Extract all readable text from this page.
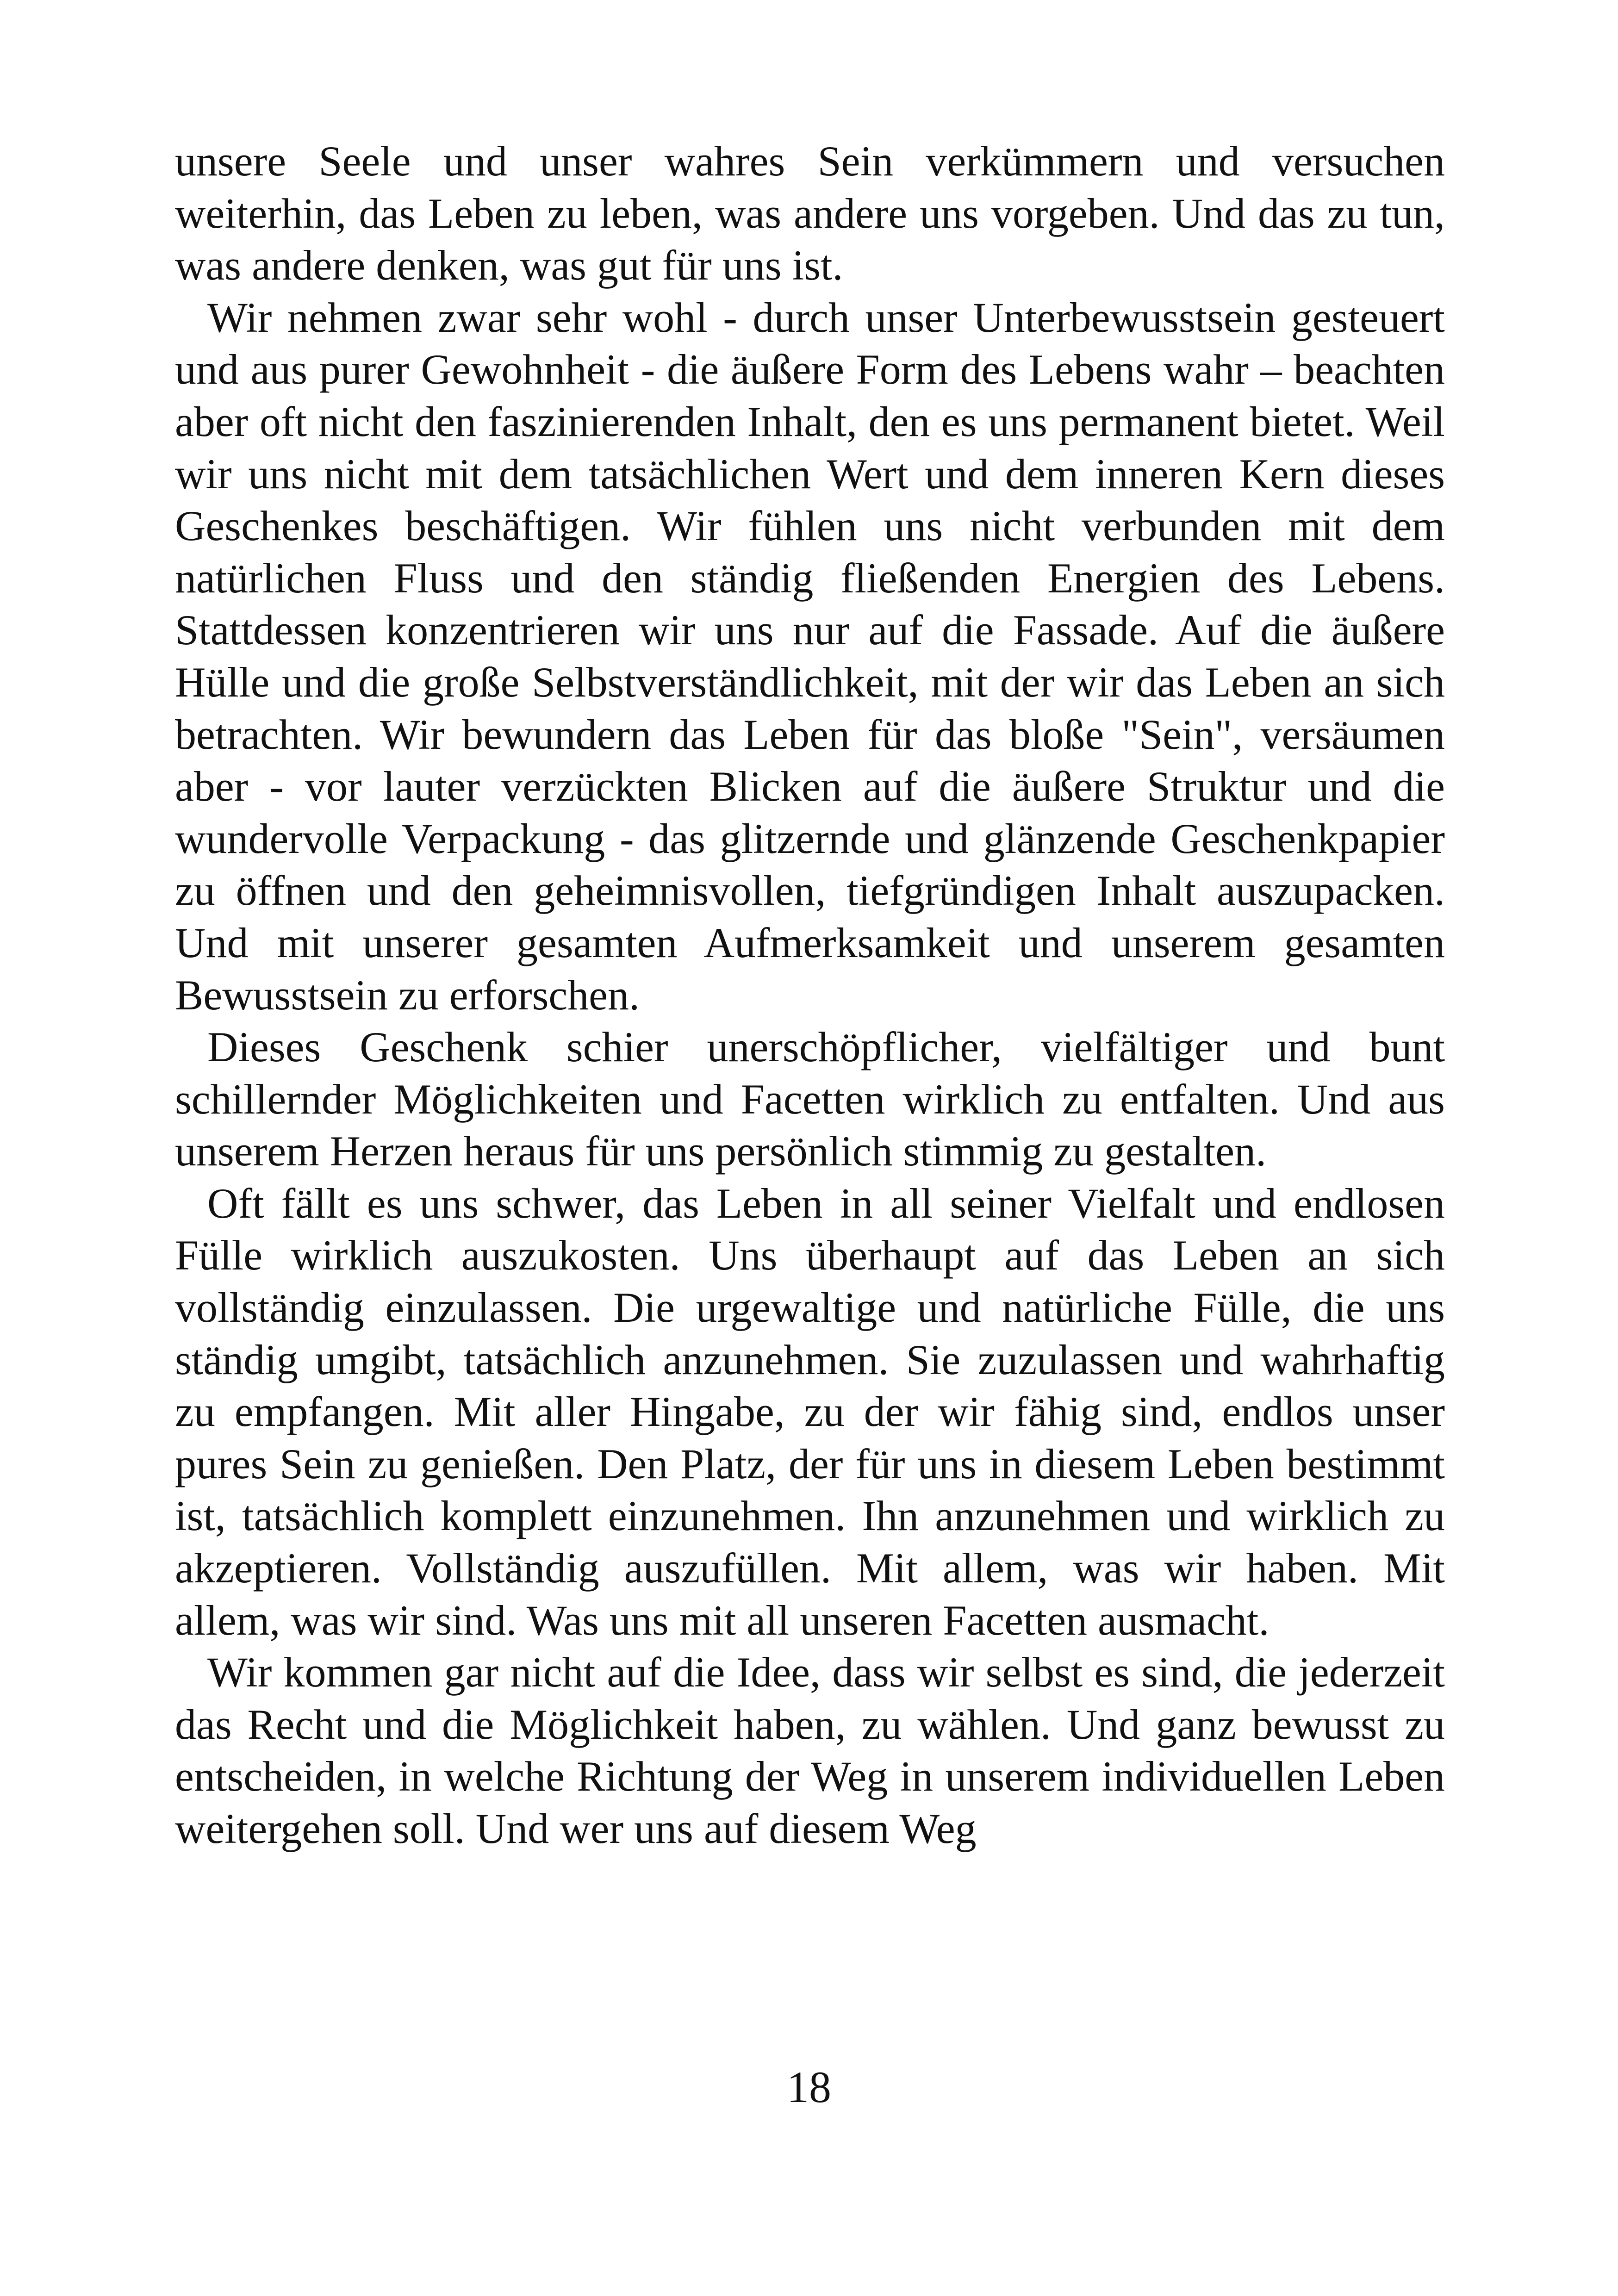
unsere Seele und unser wahres Sein verkümmern und versuchen weiterhin, das Leben zu leben, was andere uns vorgeben. Und das zu tun, was andere denken, was gut für uns ist.

Wir nehmen zwar sehr wohl - durch unser Unterbewusstsein gesteuert und aus purer Gewohnheit - die äußere Form des Lebens wahr – beachten aber oft nicht den faszinierenden Inhalt, den es uns permanent bietet. Weil wir uns nicht mit dem tatsächlichen Wert und dem inneren Kern dieses Geschenkes beschäftigen. Wir fühlen uns nicht verbunden mit dem natürlichen Fluss und den ständig fließenden Energien des Lebens. Stattdessen konzentrieren wir uns nur auf die Fassade. Auf die äußere Hülle und die große Selbstverständlichkeit, mit der wir das Leben an sich betrachten. Wir bewundern das Leben für das bloße "Sein", versäumen aber - vor lauter verzückten Blicken auf die äußere Struktur und die wundervolle Verpackung - das glitzernde und glänzende Geschenkpapier zu öffnen und den geheimnisvollen, tiefgründigen Inhalt auszupacken. Und mit unserer gesamten Aufmerksamkeit und unserem gesamten Bewusstsein zu erforschen.

Dieses Geschenk schier unerschöpflicher, vielfältiger und bunt schillernder Möglichkeiten und Facetten wirklich zu entfalten. Und aus unserem Herzen heraus für uns persönlich stimmig zu gestalten.

Oft fällt es uns schwer, das Leben in all seiner Vielfalt und endlosen Fülle wirklich auszukosten. Uns überhaupt auf das Leben an sich vollständig einzulassen. Die urgewaltige und natürliche Fülle, die uns ständig umgibt, tatsächlich anzunehmen. Sie zuzulassen und wahrhaftig zu empfangen. Mit aller Hingabe, zu der wir fähig sind, endlos unser pures Sein zu genießen. Den Platz, der für uns in diesem Leben bestimmt ist, tatsächlich komplett einzunehmen. Ihn anzunehmen und wirklich zu akzeptieren. Vollständig auszufüllen. Mit allem, was wir haben. Mit allem, was wir sind. Was uns mit all unseren Facetten ausmacht.

Wir kommen gar nicht auf die Idee, dass wir selbst es sind, die jederzeit das Recht und die Möglichkeit haben, zu wählen. Und ganz bewusst zu entscheiden, in welche Richtung der Weg in unserem individuellen Leben weitergehen soll. Und wer uns auf diesem Weg

18
